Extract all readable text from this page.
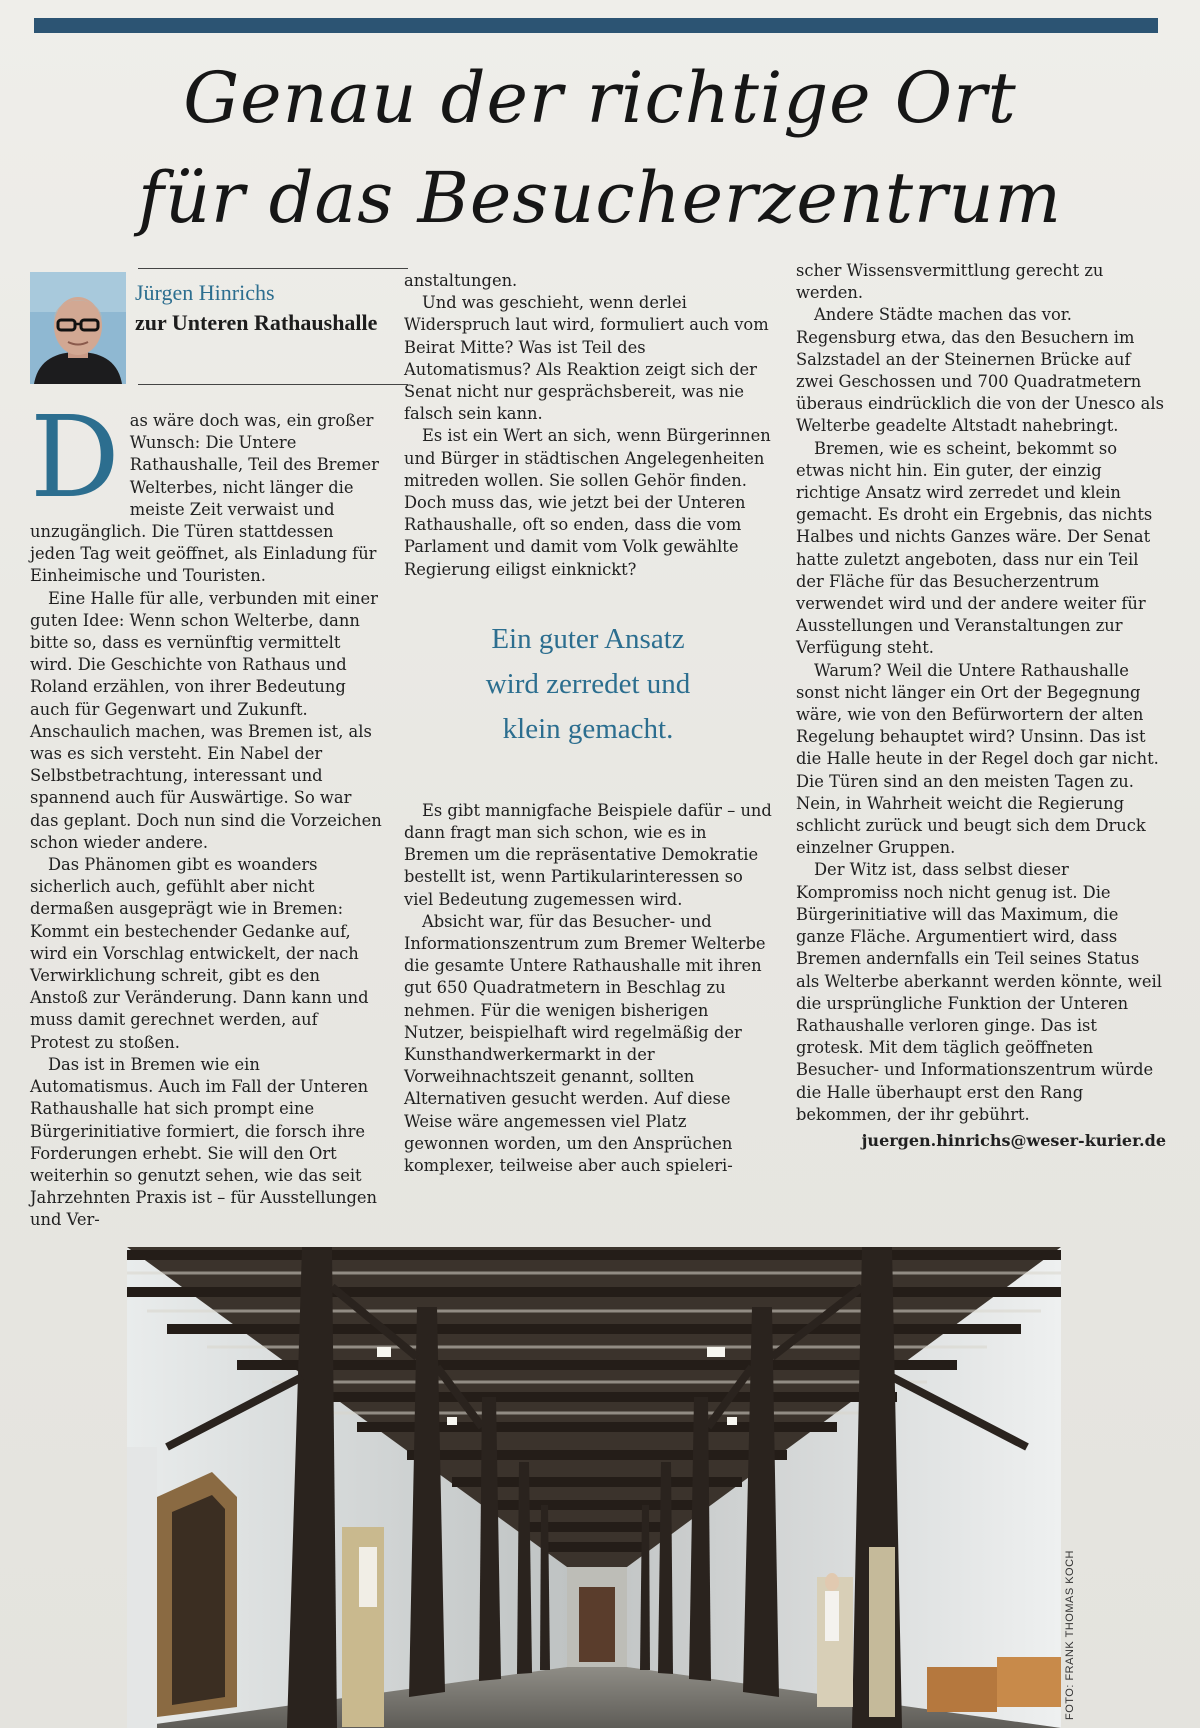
Genau der richtige Ort
für das Besucherzentrum
Jürgen Hinrichs
zur Unteren Rathaushalle

Das wäre doch was, ein großer Wunsch: Die Untere Rathaushalle, Teil des Bremer Welterbes, nicht länger die meiste Zeit verwaist und unzugänglich. Die Türen stattdessen jeden Tag weit geöffnet, als Einladung für Einheimische und Touristen.

Eine Halle für alle, verbunden mit einer guten Idee: Wenn schon Welterbe, dann bitte so, dass es vernünftig vermittelt wird. Die Geschichte von Rathaus und Roland erzählen, von ihrer Bedeutung auch für Gegenwart und Zukunft. Anschaulich machen, was Bremen ist, als was es sich versteht. Ein Nabel der Selbstbetrachtung, interessant und spannend auch für Auswärtige. So war das geplant. Doch nun sind die Vorzeichen schon wieder andere.

Das Phänomen gibt es woanders sicherlich auch, gefühlt aber nicht dermaßen ausgeprägt wie in Bremen: Kommt ein bestechender Gedanke auf, wird ein Vorschlag entwickelt, der nach Verwirklichung schreit, gibt es den Anstoß zur Veränderung. Dann kann und muss damit gerechnet werden, auf Protest zu stoßen.

Das ist in Bremen wie ein Automatismus. Auch im Fall der Unteren Rathaushalle hat sich prompt eine Bürgerinitiative formiert, die forsch ihre Forderungen erhebt. Sie will den Ort weiterhin so genutzt sehen, wie das seit Jahrzehnten Praxis ist – für Ausstellungen und Ver-

anstaltungen.

Und was geschieht, wenn derlei Widerspruch laut wird, formuliert auch vom Beirat Mitte? Was ist Teil des Automatismus? Als Reaktion zeigt sich der Senat nicht nur gesprächsbereit, was nie falsch sein kann.

Es ist ein Wert an sich, wenn Bürgerinnen und Bürger in städtischen Angelegenheiten mitreden wollen. Sie sollen Gehör finden. Doch muss das, wie jetzt bei der Unteren Rathaushalle, oft so enden, dass die vom Parlament und damit vom Volk gewählte Regierung eiligst einknickt?

Ein guter Ansatz
wird zerredet und
klein gemacht.

Es gibt mannigfache Beispiele dafür – und dann fragt man sich schon, wie es in Bremen um die repräsentative Demokratie bestellt ist, wenn Partikularinteressen so viel Bedeutung zugemessen wird.

Absicht war, für das Besucher- und Informationszentrum zum Bremer Welterbe die gesamte Untere Rathaushalle mit ihren gut 650 Quadratmetern in Beschlag zu nehmen. Für die wenigen bisherigen Nutzer, beispielhaft wird regelmäßig der Kunsthandwerkermarkt in der Vorweihnachtszeit genannt, sollten Alternativen gesucht werden. Auf diese Weise wäre angemessen viel Platz gewonnen worden, um den Ansprüchen komplexer, teilweise aber auch spieleri-

scher Wissensvermittlung gerecht zu werden.

Andere Städte machen das vor. Regensburg etwa, das den Besuchern im Salzstadel an der Steinernen Brücke auf zwei Geschossen und 700 Quadratmetern überaus eindrücklich die von der Unesco als Welterbe geadelte Altstadt nahebringt.

Bremen, wie es scheint, bekommt so etwas nicht hin. Ein guter, der einzig richtige Ansatz wird zerredet und klein gemacht. Es droht ein Ergebnis, das nichts Halbes und nichts Ganzes wäre. Der Senat hatte zuletzt angeboten, dass nur ein Teil der Fläche für das Besucherzentrum verwendet wird und der andere weiter für Ausstellungen und Veranstaltungen zur Verfügung steht.

Warum? Weil die Untere Rathaushalle sonst nicht länger ein Ort der Begegnung wäre, wie von den Befürwortern der alten Regelung behauptet wird? Unsinn. Das ist die Halle heute in der Regel doch gar nicht. Die Türen sind an den meisten Tagen zu. Nein, in Wahrheit weicht die Regierung schlicht zurück und beugt sich dem Druck einzelner Gruppen.

Der Witz ist, dass selbst dieser Kompromiss noch nicht genug ist. Die Bürgerinitiative will das Maximum, die ganze Fläche. Argumentiert wird, dass Bremen andernfalls ein Teil seines Status als Welterbe aberkannt werden könnte, weil die ursprüngliche Funktion der Unteren Rathaushalle verloren ginge. Das ist grotesk. Mit dem täglich geöffneten Besucher- und Informationszentrum würde die Halle überhaupt erst den Rang bekommen, der ihr gebührt.

juergen.hinrichs@weser-kurier.de
FOTO: FRANK THOMAS KOCH
